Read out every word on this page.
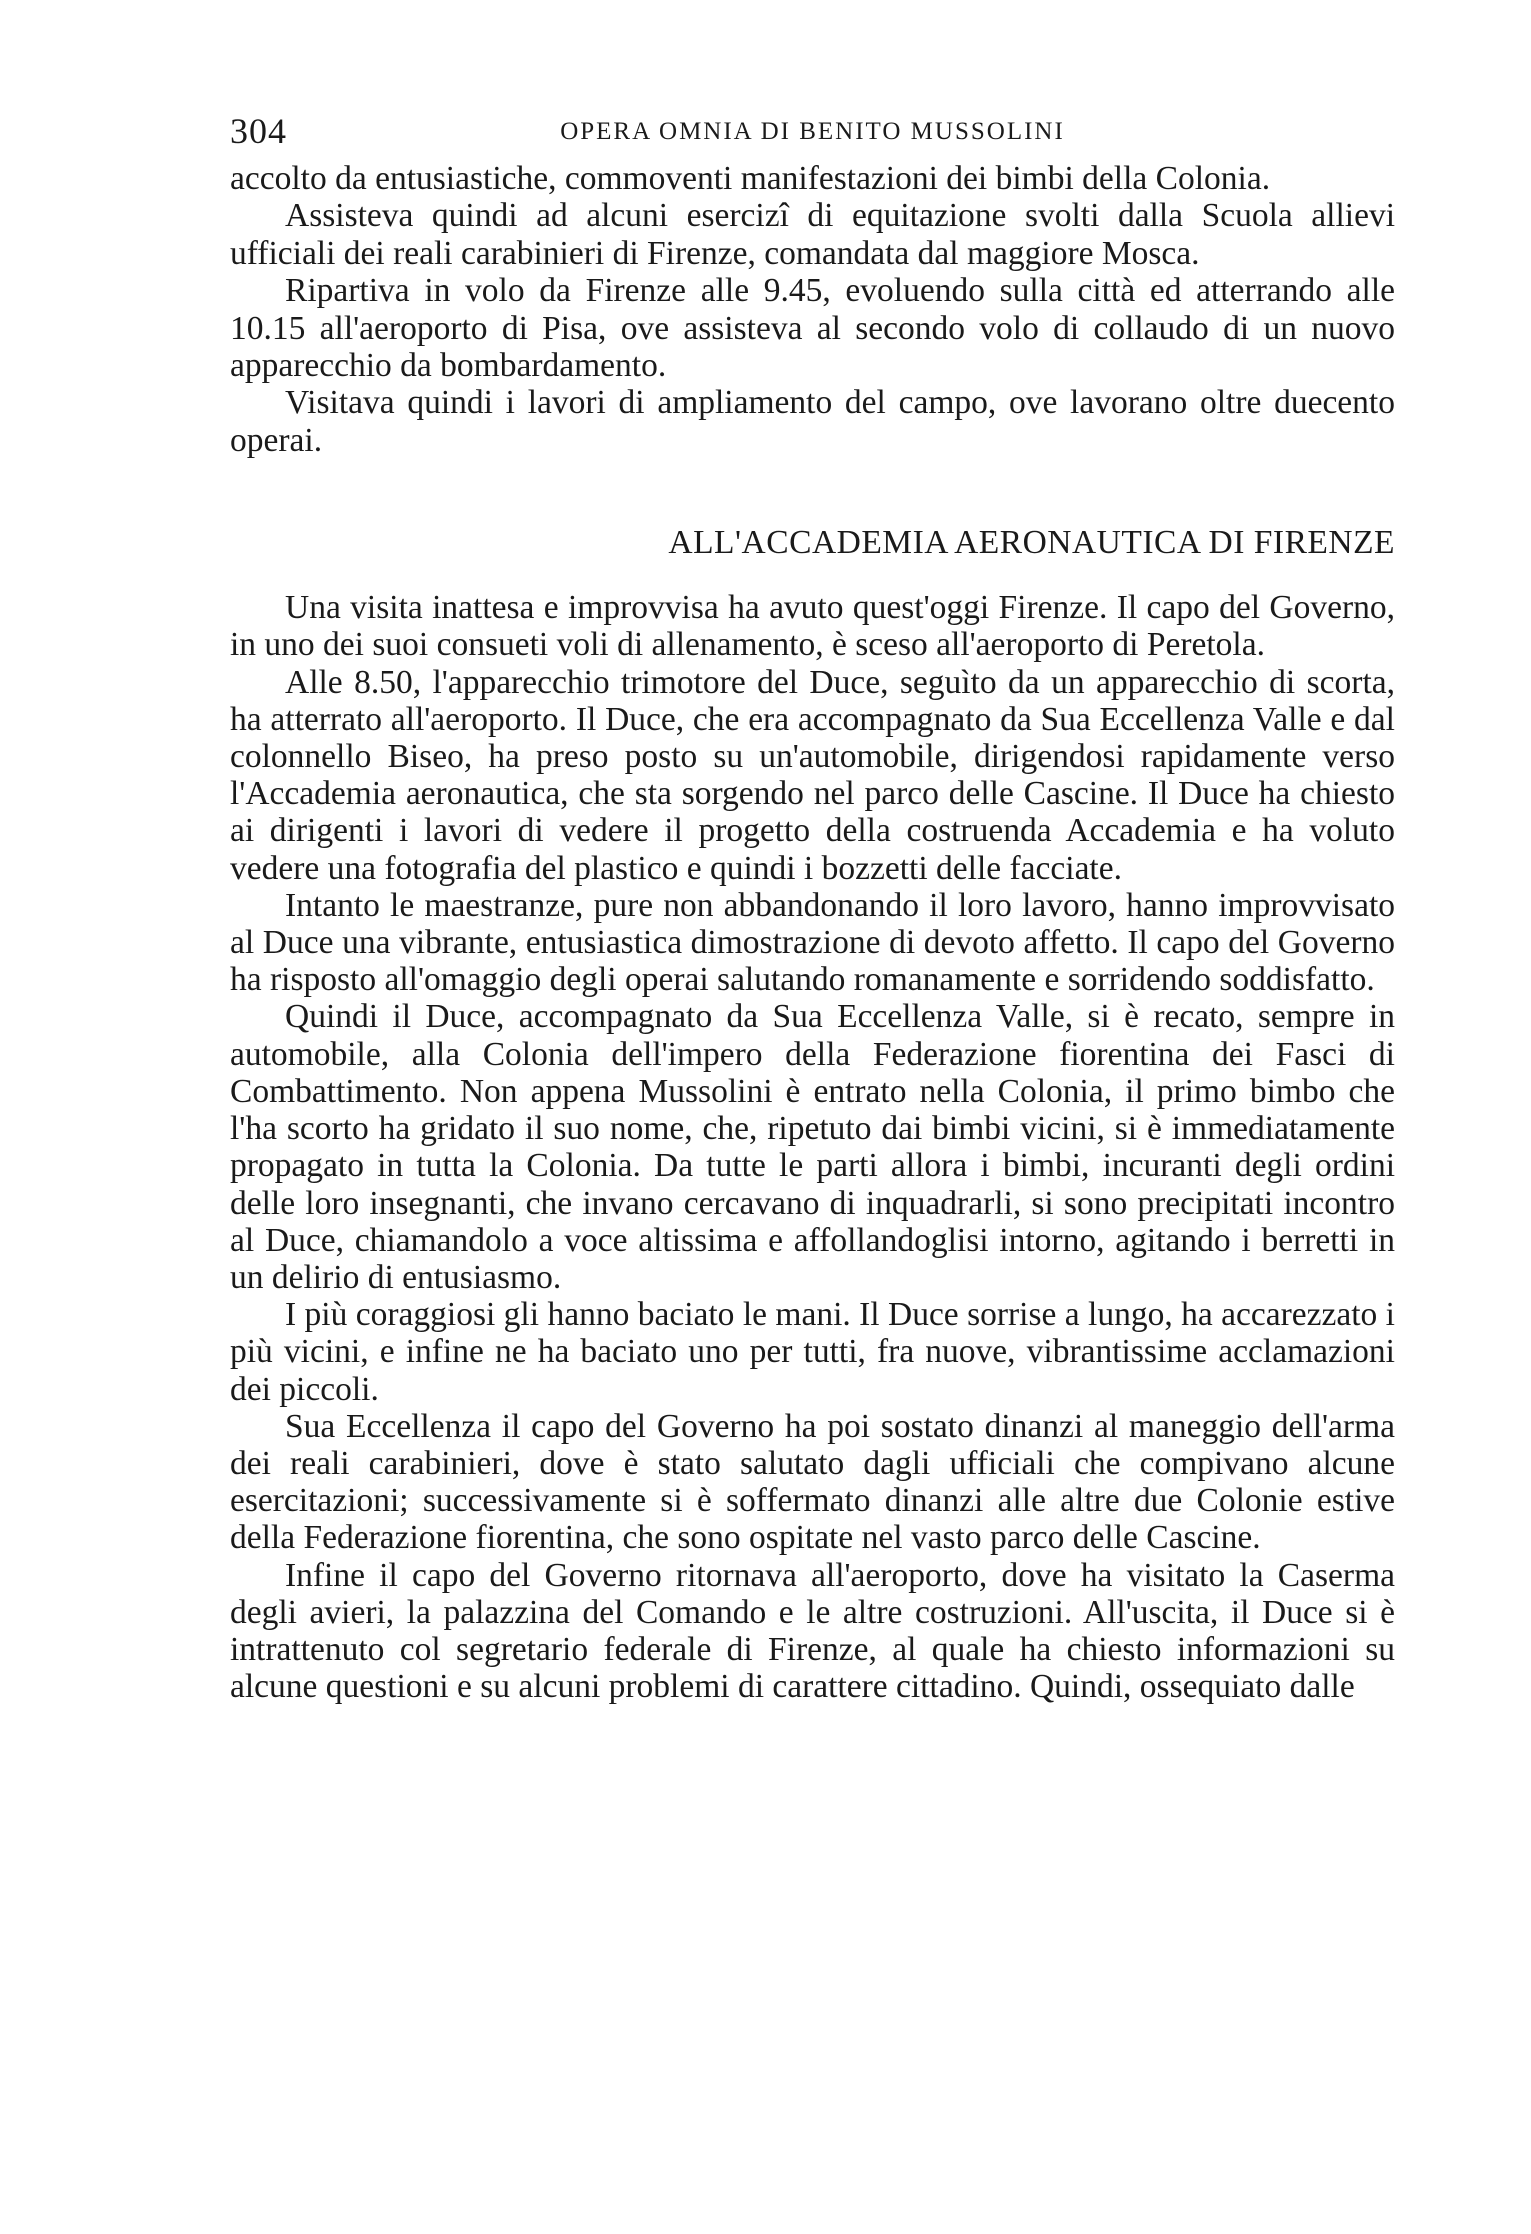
304	OPERA OMNIA DI BENITO MUSSOLINI

accolto da entusiastiche, commoventi manifestazioni dei bimbi della Colonia.

Assisteva quindi ad alcuni esercizî di equitazione svolti dalla Scuola allievi ufficiali dei reali carabinieri di Firenze, comandata dal maggiore Mosca.

Ripartiva in volo da Firenze alle 9.45, evoluendo sulla città ed atterrando alle 10.15 all'aeroporto di Pisa, ove assisteva al secondo volo di collaudo di un nuovo apparecchio da bombardamento.

Visitava quindi i lavori di ampliamento del campo, ove lavorano oltre duecento operai.

ALL'ACCADEMIA AERONAUTICA DI FIRENZE

Una visita inattesa e improvvisa ha avuto quest'oggi Firenze. Il capo del Governo, in uno dei suoi consueti voli di allenamento, è sceso all'aeroporto di Peretola.

Alle 8.50, l'apparecchio trimotore del Duce, seguìto da un apparecchio di scorta, ha atterrato all'aeroporto. Il Duce, che era accompagnato da Sua Eccellenza Valle e dal colonnello Biseo, ha preso posto su un'automobile, dirigendosi rapidamente verso l'Accademia aeronautica, che sta sorgendo nel parco delle Cascine. Il Duce ha chiesto ai dirigenti i lavori di vedere il progetto della costruenda Accademia e ha voluto vedere una fotografia del plastico e quindi i bozzetti delle facciate.

Intanto le maestranze, pure non abbandonando il loro lavoro, hanno improvvisato al Duce una vibrante, entusiastica dimostrazione di devoto affetto. Il capo del Governo ha risposto all'omaggio degli operai salutando romanamente e sorridendo soddisfatto.

Quindi il Duce, accompagnato da Sua Eccellenza Valle, si è recato, sempre in automobile, alla Colonia dell'impero della Federazione fiorentina dei Fasci di Combattimento. Non appena Mussolini è entrato nella Colonia, il primo bimbo che l'ha scorto ha gridato il suo nome, che, ripetuto dai bimbi vicini, si è immediatamente propagato in tutta la Colonia. Da tutte le parti allora i bimbi, incuranti degli ordini delle loro insegnanti, che invano cercavano di inquadrarli, si sono precipitati incontro al Duce, chiamandolo a voce altissima e affollandoglisi intorno, agitando i berretti in un delirio di entusiasmo.

I più coraggiosi gli hanno baciato le mani. Il Duce sorrise a lungo, ha accarezzato i più vicini, e infine ne ha baciato uno per tutti, fra nuove, vibrantissime acclamazioni dei piccoli.

Sua Eccellenza il capo del Governo ha poi sostato dinanzi al maneggio dell'arma dei reali carabinieri, dove è stato salutato dagli ufficiali che compivano alcune esercitazioni; successivamente si è soffermato dinanzi alle altre due Colonie estive della Federazione fiorentina, che sono ospitate nel vasto parco delle Cascine.

Infine il capo del Governo ritornava all'aeroporto, dove ha visitato la Caserma degli avieri, la palazzina del Comando e le altre costruzioni. All'uscita, il Duce si è intrattenuto col segretario federale di Firenze, al quale ha chiesto informazioni su alcune questioni e su alcuni problemi di carattere cittadino. Quindi, ossequiato dalle
